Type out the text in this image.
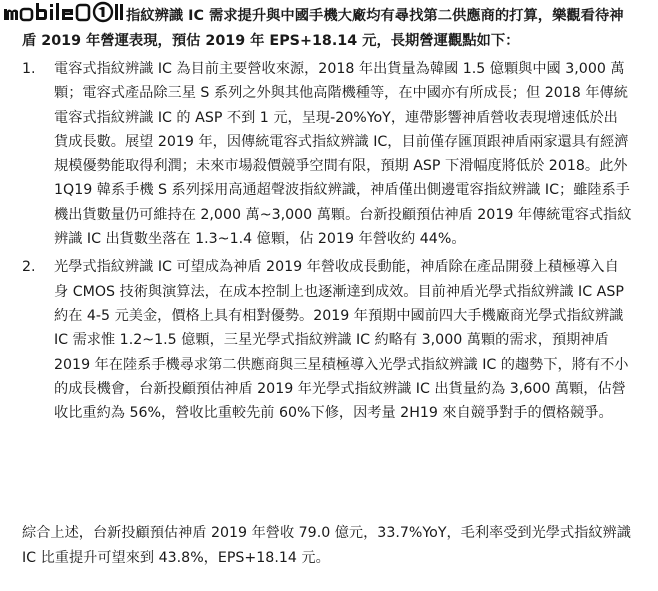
指紋辨識 IC 需求提升與中國手機大廠均有尋找第二供應商的打算，樂觀看待神盾 2019 年營運表現，預估 2019 年 EPS+18.14 元，長期營運觀點如下：
1.	電容式指紋辨識 IC 為目前主要營收來源，2018 年出貨量為韓國 1.5 億顆與中國 3,000 萬顆；電容式產品除三星 S 系列之外與其他高階機種等，在中國亦有所成長；但 2018 年傳統電容式指紋辨識 IC 的 ASP 不到 1 元，呈現-20%YoY，連帶影響神盾營收表現增速低於出貨成長數。展望 2019 年，因傳統電容式指紋辨識 IC，目前僅存匯頂跟神盾兩家還具有經濟規模優勢能取得利潤；未來市場殺價競爭空間有限，預期 ASP 下滑幅度將低於 2018。此外 1Q19 韓系手機 S 系列採用高通超聲波指紋辨識，神盾僅出側邊電容指紋辨識 IC；雖陸系手機出貨數量仍可維持在 2,000 萬~3,000 萬顆。台新投顧預估神盾 2019 年傳統電容式指紋辨識 IC 出貨數坐落在 1.3~1.4 億顆，佔 2019 年營收約 44%。
2.	光學式指紋辨識 IC 可望成為神盾 2019 年營收成長動能，神盾除在產品開發上積極導入自身 CMOS 技術與演算法，在成本控制上也逐漸達到成效。目前神盾光學式指紋辨識 IC ASP 約在 4-5 元美金，價格上具有相對優勢。2019 年預期中國前四大手機廠商光學式指紋辨識 IC 需求惟 1.2~1.5 億顆，三星光學式指紋辨識 IC 約略有 3,000 萬顆的需求，預期神盾 2019 年在陸系手機尋求第二供應商與三星積極導入光學式指紋辨識 IC 的趨勢下，將有不小的成長機會，台新投顧預估神盾 2019 年光學式指紋辨識 IC 出貨量約為 3,600 萬顆，佔營收比重約為 56%，營收比重較先前 60%下修，因考量 2H19 來自競爭對手的價格競爭。
綜合上述，台新投顧預估神盾 2019 年營收 79.0 億元，33.7%YoY，毛利率受到光學式指紋辨識 IC 比重提升可望來到 43.8%，EPS+18.14 元。
